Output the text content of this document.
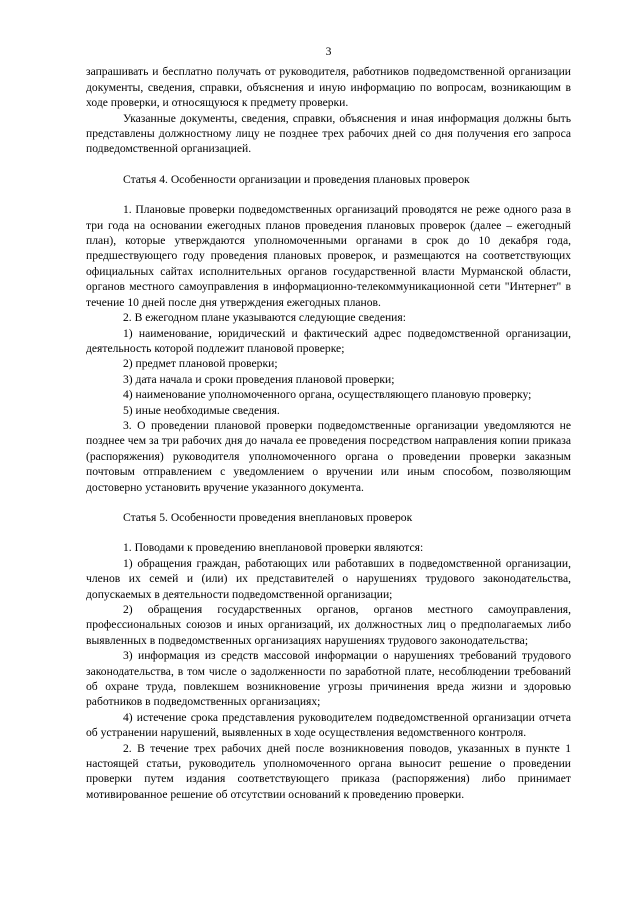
3

запрашивать и бесплатно получать от руководителя, работников подведомственной организации документы, сведения, справки, объяснения и иную информацию по вопросам, возникающим в ходе проверки, и относящуюся к предмету проверки.

Указанные документы, сведения, справки, объяснения и иная информация должны быть представлены должностному лицу не позднее трех рабочих дней со дня получения его запроса подведомственной организацией.

Статья 4. Особенности организации и проведения плановых проверок

1. Плановые проверки подведомственных организаций проводятся не реже одного раза в три года на основании ежегодных планов проведения плановых проверок (далее – ежегодный план), которые утверждаются уполномоченными органами в срок до 10 декабря года, предшествующего году проведения плановых проверок, и размещаются на соответствующих официальных сайтах исполнительных органов государственной власти Мурманской области, органов местного самоуправления в информационно-телекоммуникационной сети "Интернет" в течение 10 дней после дня утверждения ежегодных планов.

2. В ежегодном плане указываются следующие сведения:

1) наименование, юридический и фактический адрес подведомственной организации, деятельность которой подлежит плановой проверке;

2) предмет плановой проверки;

3) дата начала и сроки проведения плановой проверки;

4) наименование уполномоченного органа, осуществляющего плановую проверку;

5) иные необходимые сведения.

3. О проведении плановой проверки подведомственные организации уведомляются не позднее чем за три рабочих дня до начала ее проведения посредством направления копии приказа (распоряжения) руководителя уполномоченного органа о проведении проверки заказным почтовым отправлением с уведомлением о вручении или иным способом, позволяющим достоверно установить вручение указанного документа.

Статья 5. Особенности проведения внеплановых проверок

1. Поводами к проведению внеплановой проверки являются:

1) обращения граждан, работающих или работавших в подведомственной организации, членов их семей и (или) их представителей о нарушениях трудового законодательства, допускаемых в деятельности подведомственной организации;

2) обращения государственных органов, органов местного самоуправления, профессиональных союзов и иных организаций, их должностных лиц о предполагаемых либо выявленных в подведомственных организациях нарушениях трудового законодательства;

3) информация из средств массовой информации о нарушениях требований трудового законодательства, в том числе о задолженности по заработной плате, несоблюдении требований об охране труда, повлекшем возникновение угрозы причинения вреда жизни и здоровью работников в подведомственных организациях;

4) истечение срока представления руководителем подведомственной организации отчета об устранении нарушений, выявленных в ходе осуществления ведомственного контроля.

2. В течение трех рабочих дней после возникновения поводов, указанных в пункте 1 настоящей статьи, руководитель уполномоченного органа выносит решение о проведении проверки путем издания соответствующего приказа (распоряжения) либо принимает мотивированное решение об отсутствии оснований к проведению проверки.
